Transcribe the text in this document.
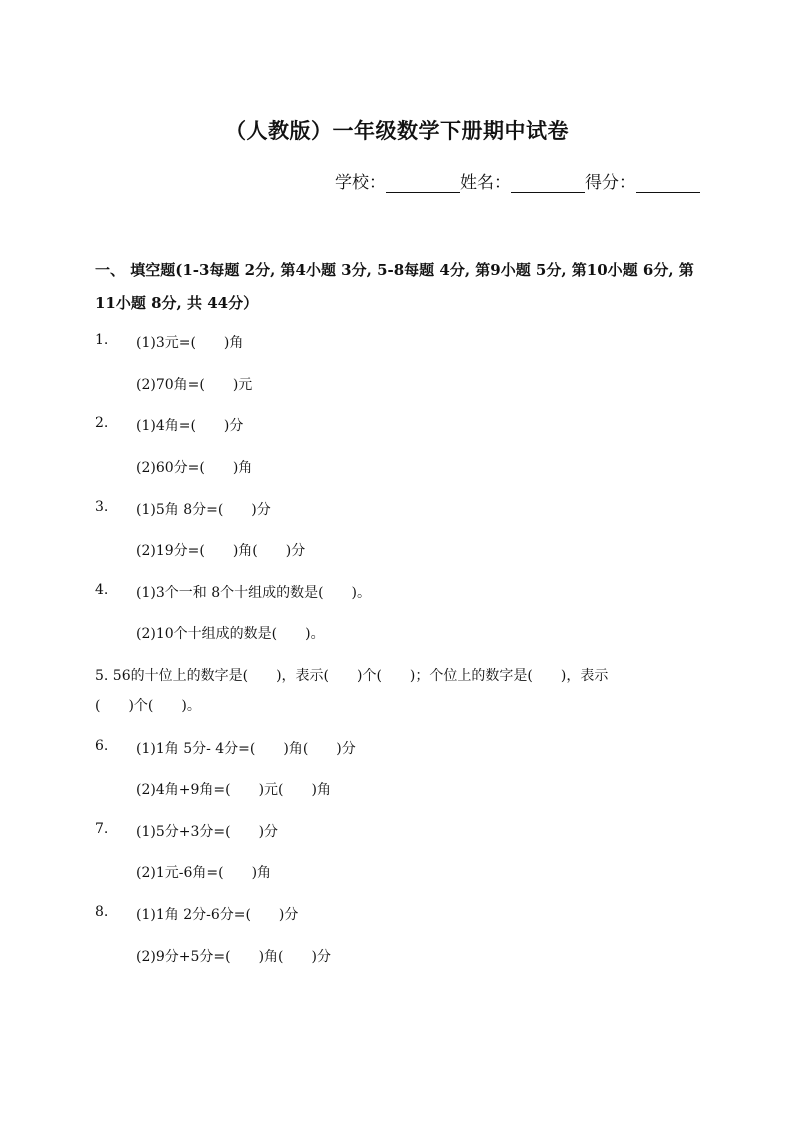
（人教版）一年级数学下册期中试卷
学校：	姓名：	得分：
一、 填空题(1-3每题 2分, 第4小题 3分, 5-8每题 4分, 第9小题 5分, 第10小题 6分, 第11小题 8分, 共 44分）
1. (1)3元=(　　)角
(2)70角=(　　)元
2. (1)4角=(　　)分
(2)60分=(　　)角
3. (1)5角 8分=(　　)分
(2)19分=(　　)角(　　)分
4. (1)3个一和 8个十组成的数是(　　)。
(2)10个十组成的数是(　　)。
5. 56的十位上的数字是(　　)，表示(　　)个(　　)；个位上的数字是(　　)，表示
(　　)个(　　)。
6. (1)1角 5分- 4分=(　　)角(　　)分
(2)4角+9角=(　　)元(　　)角
7. (1)5分+3分=(　　)分
(2)1元-6角=(　　)角
8. (1)1角 2分-6分=(　　)分
(2)9分+5分=(　　)角(　　)分
